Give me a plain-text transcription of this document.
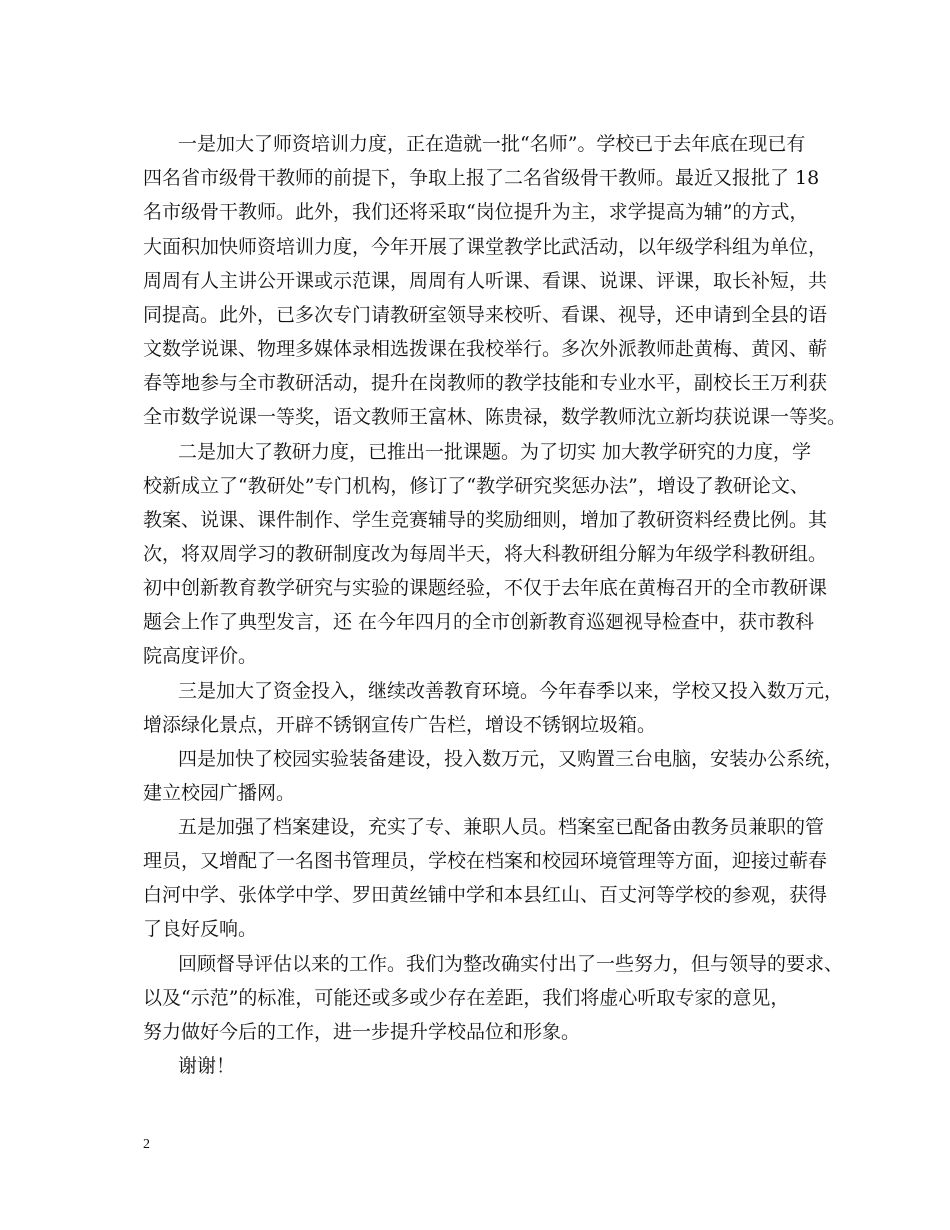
一是加大了师资培训力度，正在造就一批“名师”。学校已于去年底在现已有
四名省市级骨干教师的前提下，争取上报了二名省级骨干教师。最近又报批了 18
名市级骨干教师。此外，我们还将采取“岗位提升为主，求学提高为辅”的方式，
大面积加快师资培训力度，今年开展了课堂教学比武活动，以年级学科组为单位，
周周有人主讲公开课或示范课，周周有人听课、看课、说课、评课，取长补短，共
同提高。此外，已多次专门请教研室领导来校听、看课、视导，还申请到全县的语
文数学说课、物理多媒体录相选拨课在我校举行。多次外派教师赴黄梅、黄冈、蕲
春等地参与全市教研活动，提升在岗教师的教学技能和专业水平，副校长王万利获
全市数学说课一等奖，语文教师王富林、陈贵禄，数学教师沈立新均获说课一等奖。
二是加大了教研力度，已推出一批课题。为了切实 加大教学研究的力度，学
校新成立了“教研处”专门机构，修订了“教学研究奖惩办法”，增设了教研论文、
教案、说课、课件制作、学生竞赛辅导的奖励细则，增加了教研资料经费比例。其
次，将双周学习的教研制度改为每周半天，将大科教研组分解为年级学科教研组。
初中创新教育教学研究与实验的课题经验，不仅于去年底在黄梅召开的全市教研课
题会上作了典型发言，还 在今年四月的全市创新教育巡廻视导检查中，获市教科
院高度评价。
三是加大了资金投入，继续改善教育环境。今年春季以来，学校又投入数万元，
增添绿化景点，开辟不锈钢宣传广告栏，增设不锈钢垃圾箱。
四是加快了校园实验装备建设，投入数万元，又购置三台电脑，安装办公系统，
建立校园广播网。
五是加强了档案建设，充实了专、兼职人员。档案室已配备由教务员兼职的管
理员，又增配了一名图书管理员，学校在档案和校园环境管理等方面，迎接过蕲春
白河中学、张体学中学、罗田黄丝铺中学和本县红山、百丈河等学校的参观，获得
了良好反响。
回顾督导评估以来的工作。我们为整改确实付出了一些努力，但与领导的要求、
以及“示范”的标准，可能还或多或少存在差距，我们将虚心听取专家的意见，
努力做好今后的工作，进一步提升学校品位和形象。
谢谢！
2
